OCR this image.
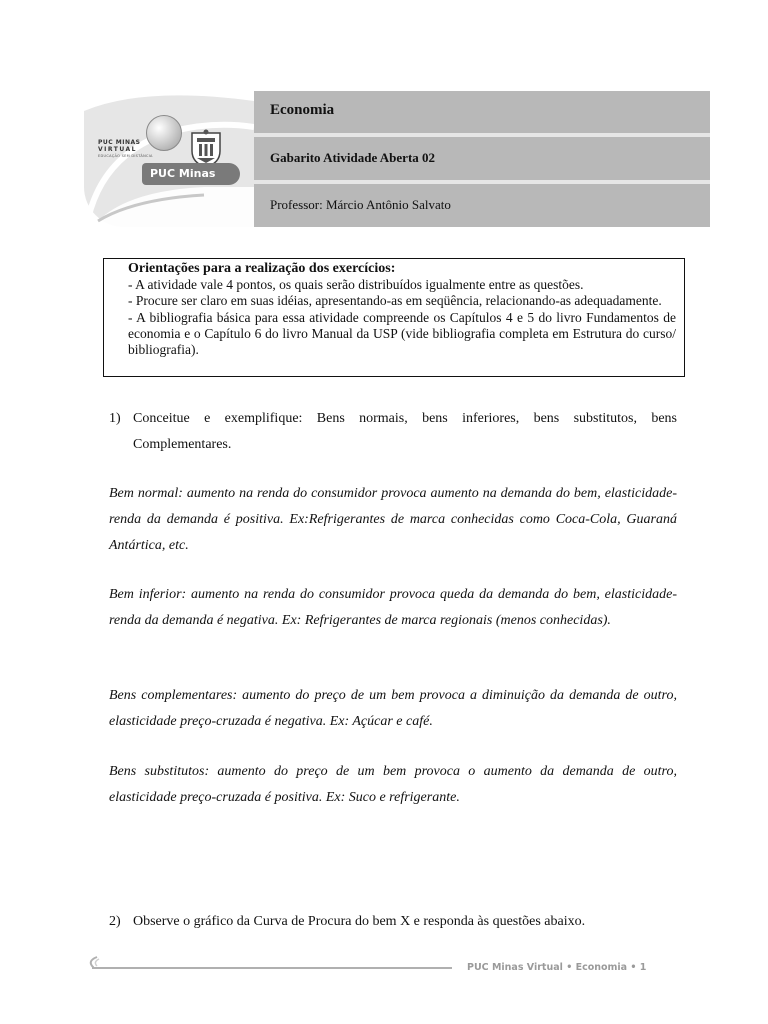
PUC MINAS
VIRTUAL
EDUCAÇÃO SEM DISTÂNCIA
PUC Minas
Economia
Gabarito Atividade Aberta 02
Professor: Márcio Antônio Salvato
Orientações para a realização dos exercícios:
- A atividade vale 4 pontos, os quais serão distribuídos igualmente entre as questões.
- Procure ser claro em suas idéias, apresentando-as em seqüência, relacionando-as adequadamente.
- A bibliografia básica para essa atividade compreende os Capítulos 4 e 5 do livro Fundamentos de economia e o Capítulo 6 do livro Manual da USP (vide bibliografia completa em Estrutura do curso/ bibliografia).
1) Conceitue e exemplifique: Bens normais, bens inferiores, bens substitutos, bens Complementares.
Bem normal: aumento na renda do consumidor provoca aumento na demanda do bem, elasticidade-renda da demanda é positiva. Ex:Refrigerantes de marca conhecidas como Coca-Cola, Guaraná Antártica, etc.
Bem inferior: aumento na renda do consumidor provoca queda da demanda do bem, elasticidade-renda da demanda é negativa. Ex: Refrigerantes de marca regionais (menos conhecidas).
Bens complementares: aumento do preço de um bem provoca a diminuição da demanda de outro, elasticidade preço-cruzada é negativa. Ex: Açúcar e café.
Bens substitutos: aumento do preço de um bem provoca o aumento da demanda de outro, elasticidade preço-cruzada é positiva. Ex: Suco e refrigerante.
2) Observe o gráfico da Curva de Procura do bem X e responda às questões abaixo.
PUC Minas Virtual • Economia • 1
